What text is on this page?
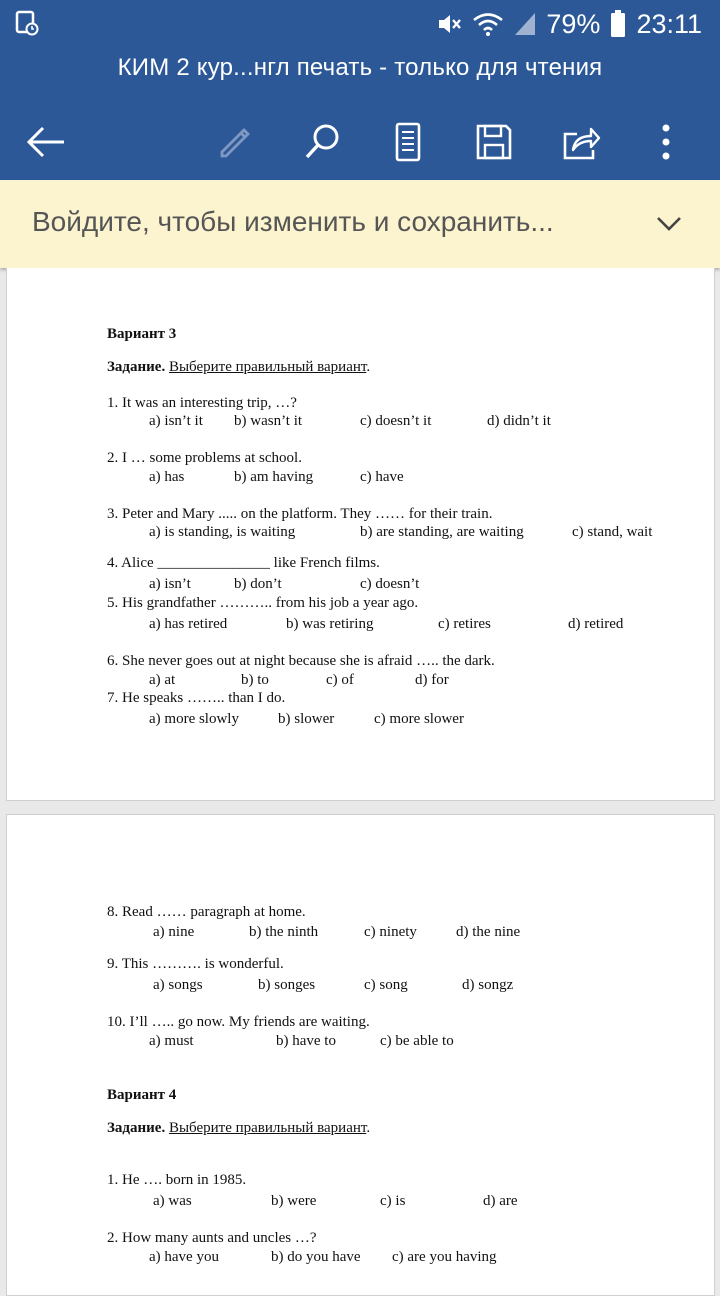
79% 23:11
КИМ 2 кур...нгл печать - только для чтения
Войдите, чтобы изменить и сохранить...
Вариант 3
Задание. Выберите правильный вариант.
1. It was an interesting trip, …?
a) isn’t it b) wasn’t it	c) doesn’t it	d) didn’t it
2. I … some problems at school.
a) has	b) am having	c) have
3. Peter and Mary ..... on the platform. They …… for their train.
a) is standing, is waiting	b) are standing, are waiting	c) stand, wait
4. Alice _______________ like French films.
a) isn’t	b) don’t	c) doesn’t
5. His grandfather ……….. from his job a year ago.
a) has retired	b) was retiring	c) retires	d) retired
6. She never goes out at night because she is afraid ….. the dark.
a) at	b) to	c) of	d) for
7. He speaks …….. than I do.
a) more slowly	b) slower	c) more slower
8. Read …… paragraph at home.
a) nine	b) the ninth	c) ninety	d) the nine
9. This ………. is wonderful.
a) songs	b) songes	c) song	d) songz
10. I’ll ….. go now. My friends are waiting.
a) must	b) have to	c) be able to
Вариант 4
Задание. Выберите правильный вариант.
1. He …. born in 1985.
a) was	b) were	c) is	d) are
2. How many aunts and uncles …?
a) have you	b) do you have c) are you having
